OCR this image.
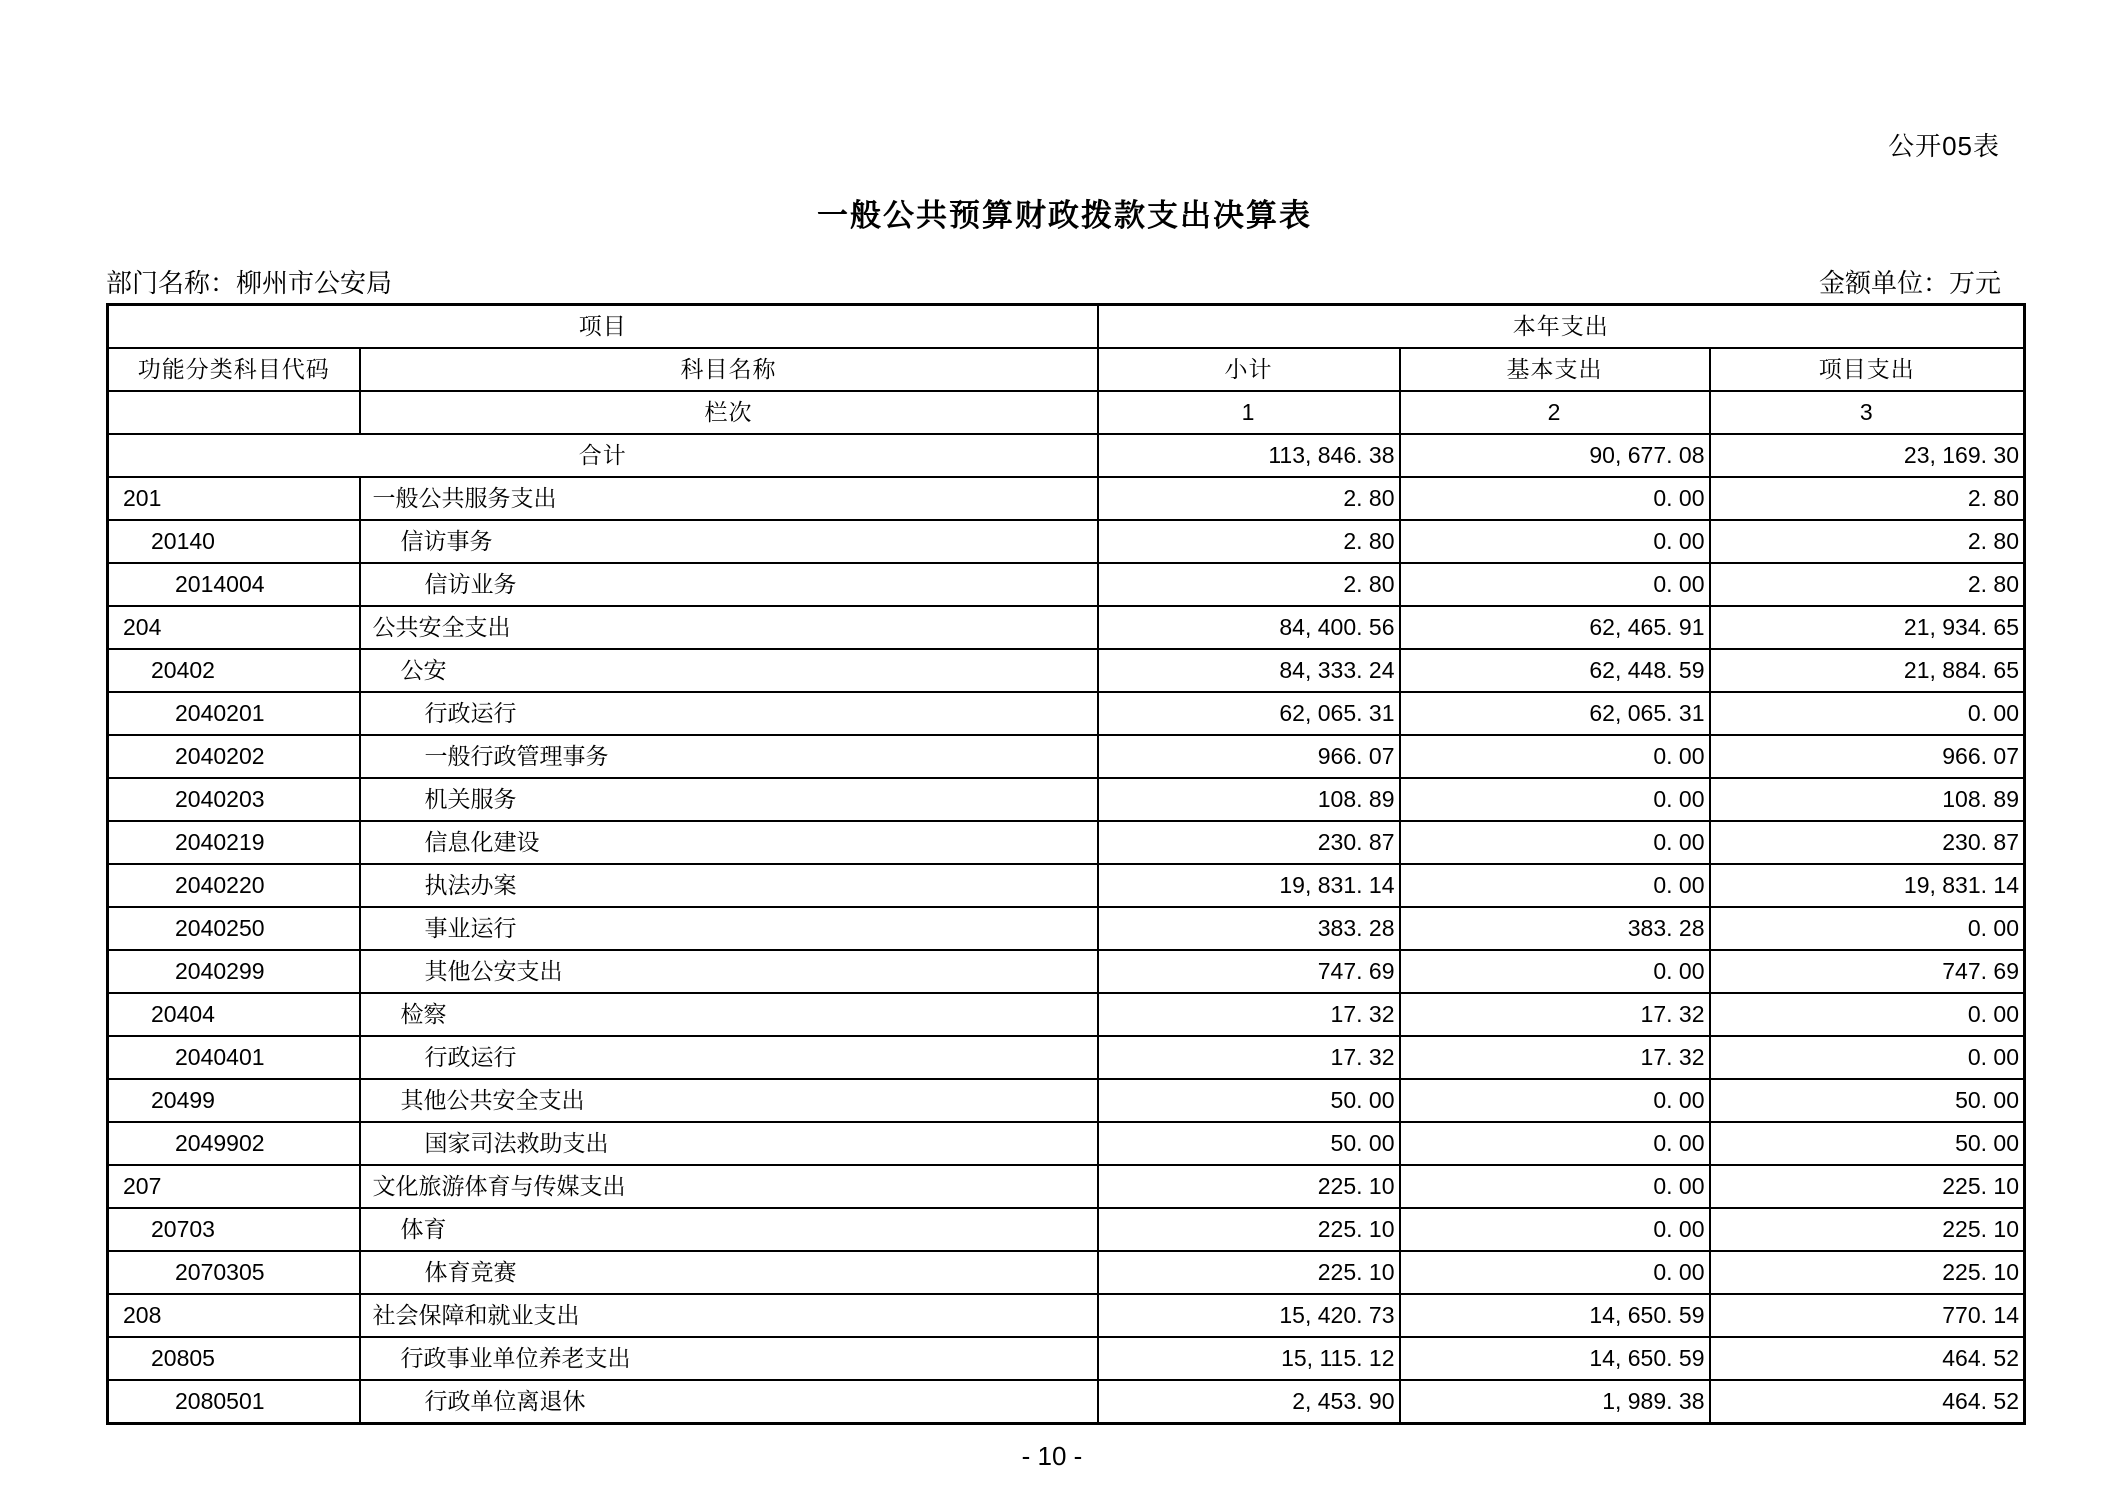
公开05表
一般公共预算财政拨款支出决算表
部门名称：柳州市公安局	金额单位：万元
项目		本年支出		
功能分类科目代码	科目名称	小计	基本支出	项目支出
	栏次	1	2	3
合计		113, 846. 38	90, 677. 08	23, 169. 30
201	一般公共服务支出	2. 80	0. 00	2. 80
20140	信访事务	2. 80	0. 00	2. 80
2014004	信访业务	2. 80	0. 00	2. 80
204	公共安全支出	84, 400. 56	62, 465. 91	21, 934. 65
20402	公安	84, 333. 24	62, 448. 59	21, 884. 65
2040201	行政运行	62, 065. 31	62, 065. 31	0. 00
2040202	一般行政管理事务	966. 07	0. 00	966. 07
2040203	机关服务	108. 89	0. 00	108. 89
2040219	信息化建设	230. 87	0. 00	230. 87
2040220	执法办案	19, 831. 14	0. 00	19, 831. 14
2040250	事业运行	383. 28	383. 28	0. 00
2040299	其他公安支出	747. 69	0. 00	747. 69
20404	检察	17. 32	17. 32	0. 00
2040401	行政运行	17. 32	17. 32	0. 00
20499	其他公共安全支出	50. 00	0. 00	50. 00
2049902	国家司法救助支出	50. 00	0. 00	50. 00
207	文化旅游体育与传媒支出	225. 10	0. 00	225. 10
20703	体育	225. 10	0. 00	225. 10
2070305	体育竞赛	225. 10	0. 00	225. 10
208	社会保障和就业支出	15, 420. 73	14, 650. 59	770. 14
20805	行政事业单位养老支出	15, 115. 12	14, 650. 59	464. 52
2080501	行政单位离退休	2, 453. 90	1, 989. 38	464. 52
- 10 -
